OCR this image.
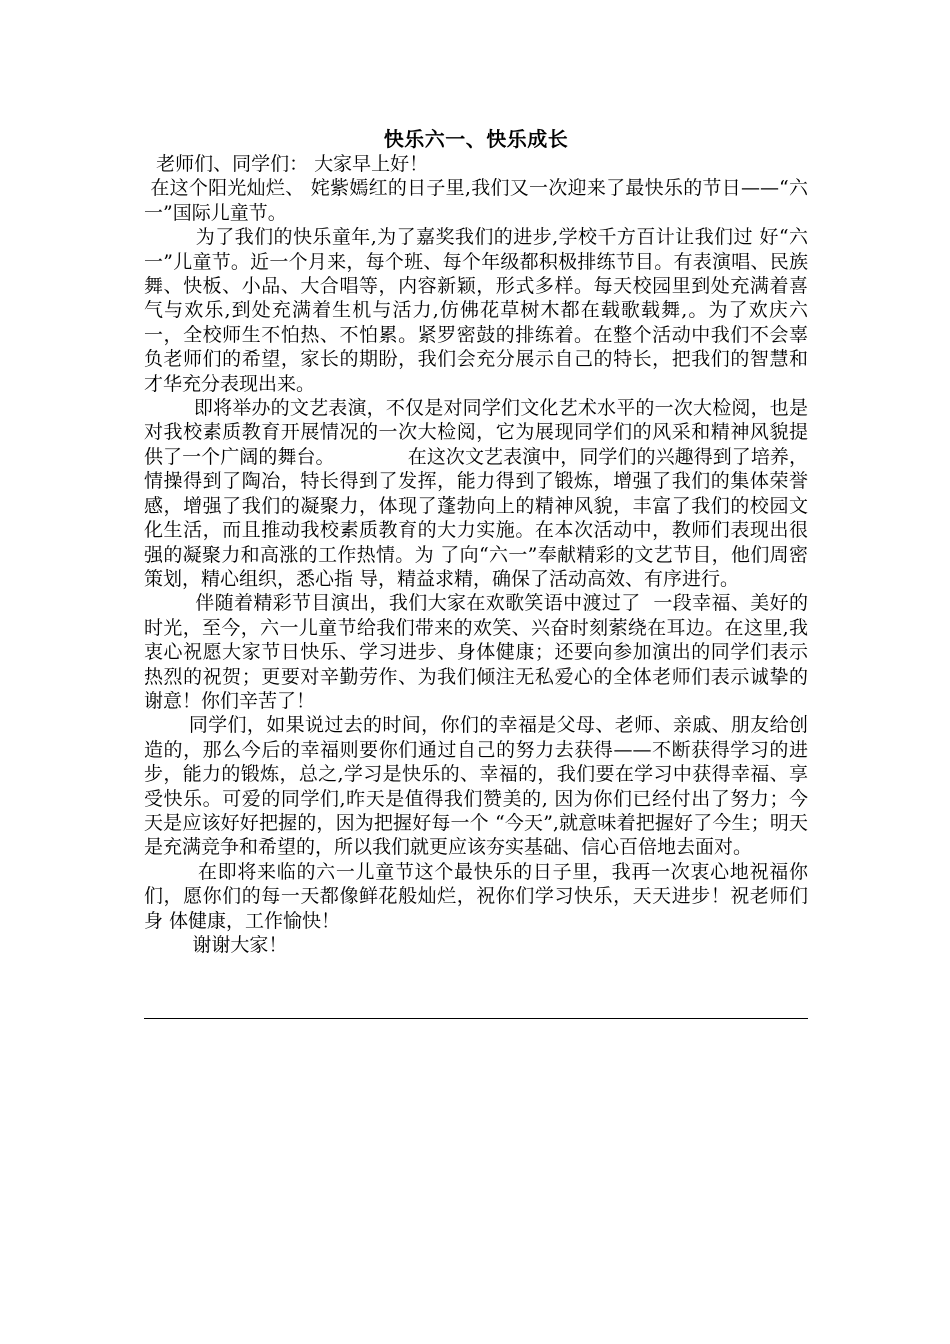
快乐六一、快乐成长

老师们、同学们： 大家早上好！

在这个阳光灿烂、 姹紫嫣红的日子里,我们又一次迎来了最快乐的节日——“六一”国际儿童节。

为了我们的快乐童年,为了嘉奖我们的进步,学校千方百计让我们过 好“六一”儿童节。近一个月来，每个班、每个年级都积极排练节目。有表演唱、民族舞、快板、小品、大合唱等，内容新颖，形式多样。每天校园里到处充满着喜气与欢乐,到处充满着生机与活力,仿佛花草树木都在载歌载舞,。为了欢庆六一，全校师生不怕热、不怕累。紧罗密鼓的排练着。在整个活动中我们不会辜负老师们的希望，家长的期盼，我们会充分展示自己的特长，把我们的智慧和才华充分表现出来。

即将举办的文艺表演，不仅是对同学们文化艺术水平的一次大检阅，也是对我校素质教育开展情况的一次大检阅，它为展现同学们的风采和精神风貌提供了一个广阔的舞台。            在这次文艺表演中，同学们的兴趣得到了培养，情操得到了陶冶，特长得到了发挥，能力得到了锻炼，增强了我们的集体荣誉感，增强了我们的凝聚力，体现了蓬勃向上的精神风貌，丰富了我们的校园文化生活，而且推动我校素质教育的大力实施。在本次活动中，教师们表现出很强的凝聚力和高涨的工作热情。为 了向“六一”奉献精彩的文艺节目，他们周密策划，精心组织，悉心指 导，精益求精，确保了活动高效、有序进行。

伴随着精彩节目演出，我们大家在欢歌笑语中渡过了  一段幸福、美好的时光，至今，六一儿童节给我们带来的欢笑、兴奋时刻萦绕在耳边。在这里,我衷心祝愿大家节日快乐、学习进步、身体健康；还要向参加演出的同学们表示热烈的祝贺；更要对辛勤劳作、为我们倾注无私爱心的全体老师们表示诚挚的谢意！你们辛苦了！

同学们，如果说过去的时间，你们的幸福是父母、老师、亲戚、朋友给创造的，那么今后的幸福则要你们通过自己的努力去获得——不断获得学习的进步，能力的锻炼，总之,学习是快乐的、幸福的，我们要在学习中获得幸福、享受快乐。可爱的同学们,昨天是值得我们赞美的, 因为你们已经付出了努力；今天是应该好好把握的，因为把握好每一个 “今天”,就意味着把握好了今生；明天是充满竞争和希望的，所以我们就更应该夯实基础、信心百倍地去面对。

在即将来临的六一儿童节这个最快乐的日子里，我再一次衷心地祝福你们，愿你们的每一天都像鲜花般灿烂，祝你们学习快乐，天天进步！祝老师们身 体健康，工作愉快！

谢谢大家！
